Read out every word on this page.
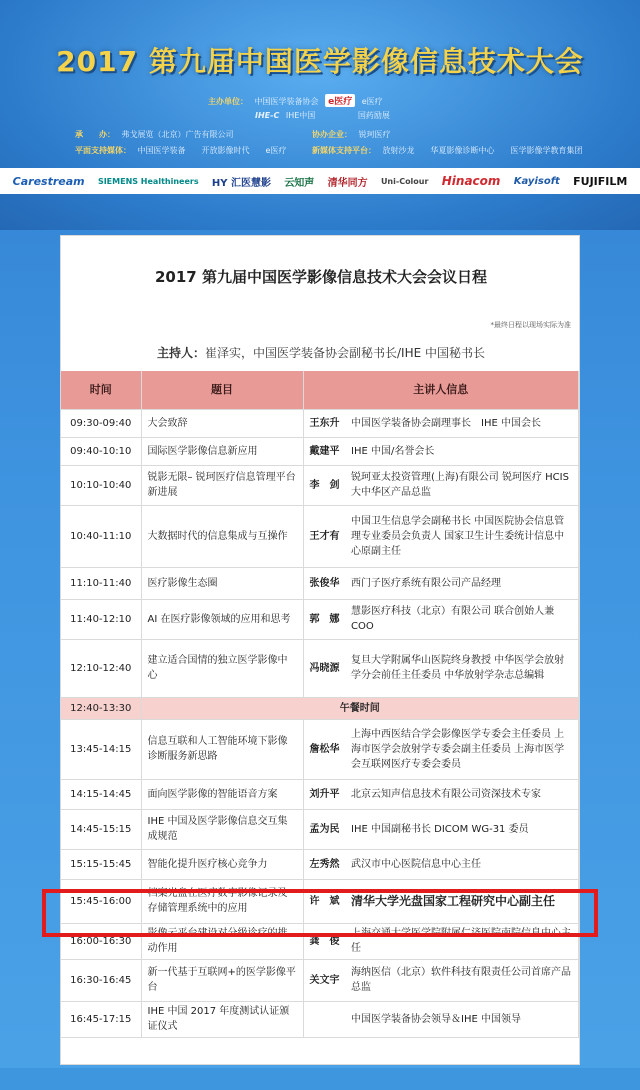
2017 第九届中国医学影像信息技术大会
主办单位： 中国医学装备协会 e医疗 e医疗
IHE-C IHE中国	国药励展
承　　办： 弗戈展览（北京）广告有限公司	协办企业： 锐珂医疗
平面支持媒体： 中国医学装备　　开放影像时代　　e医疗	新媒体支持平台： 放射沙龙　　华夏影像诊断中心　　医学影像学教育集团
Carestream SIEMENS Healthineers HY 汇医慧影 云知声 清华同方 Uni-Colour Hinacom Kayisoft FUJIFILM
2017 第九届中国医学影像信息技术大会会议日程
*最终日程以现场实际为准
主持人：崔泽实，中国医学装备协会副秘书长/IHE 中国秘书长
时间	题目	主讲人信息	
09:30-09:40	大会致辞	王东升	中国医学装备协会副理事长　IHE 中国会长
09:40-10:10	国际医学影像信息新应用	戴建平	IHE 中国/名誉会长
10:10-10:40	锐影无限– 锐珂医疗信息管理平台新进展	李　剑	锐珂亚太投资管理(上海)有限公司 锐珂医疗 HCIS 大中华区产品总监
10:40-11:10	大数据时代的信息集成与互操作	王才有	中国卫生信息学会副秘书长 中国医院协会信息管理专业委员会负责人 国家卫生计生委统计信息中心原副主任
11:10-11:40	医疗影像生态圈	张俊华	西门子医疗系统有限公司产品经理
11:40-12:10	AI 在医疗影像领域的应用和思考	郭　娜	慧影医疗科技（北京）有限公司 联合创始人兼 COO
12:10-12:40	建立适合国情的独立医学影像中心	冯晓源	复旦大学附属华山医院终身教授 中华医学会放射学分会前任主任委员 中华放射学杂志总编辑
12:40-13:30	午餐时间		
13:45-14:15	信息互联和人工智能环境下影像诊断服务新思路	詹松华	上海中西医结合学会影像医学专委会主任委员 上海市医学会放射学专委会副主任委员 上海市医学会互联网医疗专委会委员
14:15-14:45	面向医学影像的智能语音方案	刘升平	北京云知声信息技术有限公司资深技术专家
14:45-15:15	IHE 中国及医学影像信息交互集成规范	孟为民	IHE 中国副秘书长 DICOM WG-31 委员
15:15-15:45	智能化提升医疗核心竞争力	左秀然	武汉市中心医院信息中心主任
15:45-16:00	档案光盘在医疗数字影像记录及存储管理系统中的应用	许　斌	清华大学光盘国家工程研究中心副主任
16:00-16:30	影像云平台建设对分级诊疗的推动作用	龚　俊	上海交通大学医学院附属仁济医院南院信息中心主任
16:30-16:45	新一代基于互联网+的医学影像平台	关文宇	海纳医信（北京）软件科技有限责任公司首席产品总监
16:45-17:15	IHE 中国 2017 年度测试认证颁证仪式		中国医学装备协会领导＆IHE 中国领导
